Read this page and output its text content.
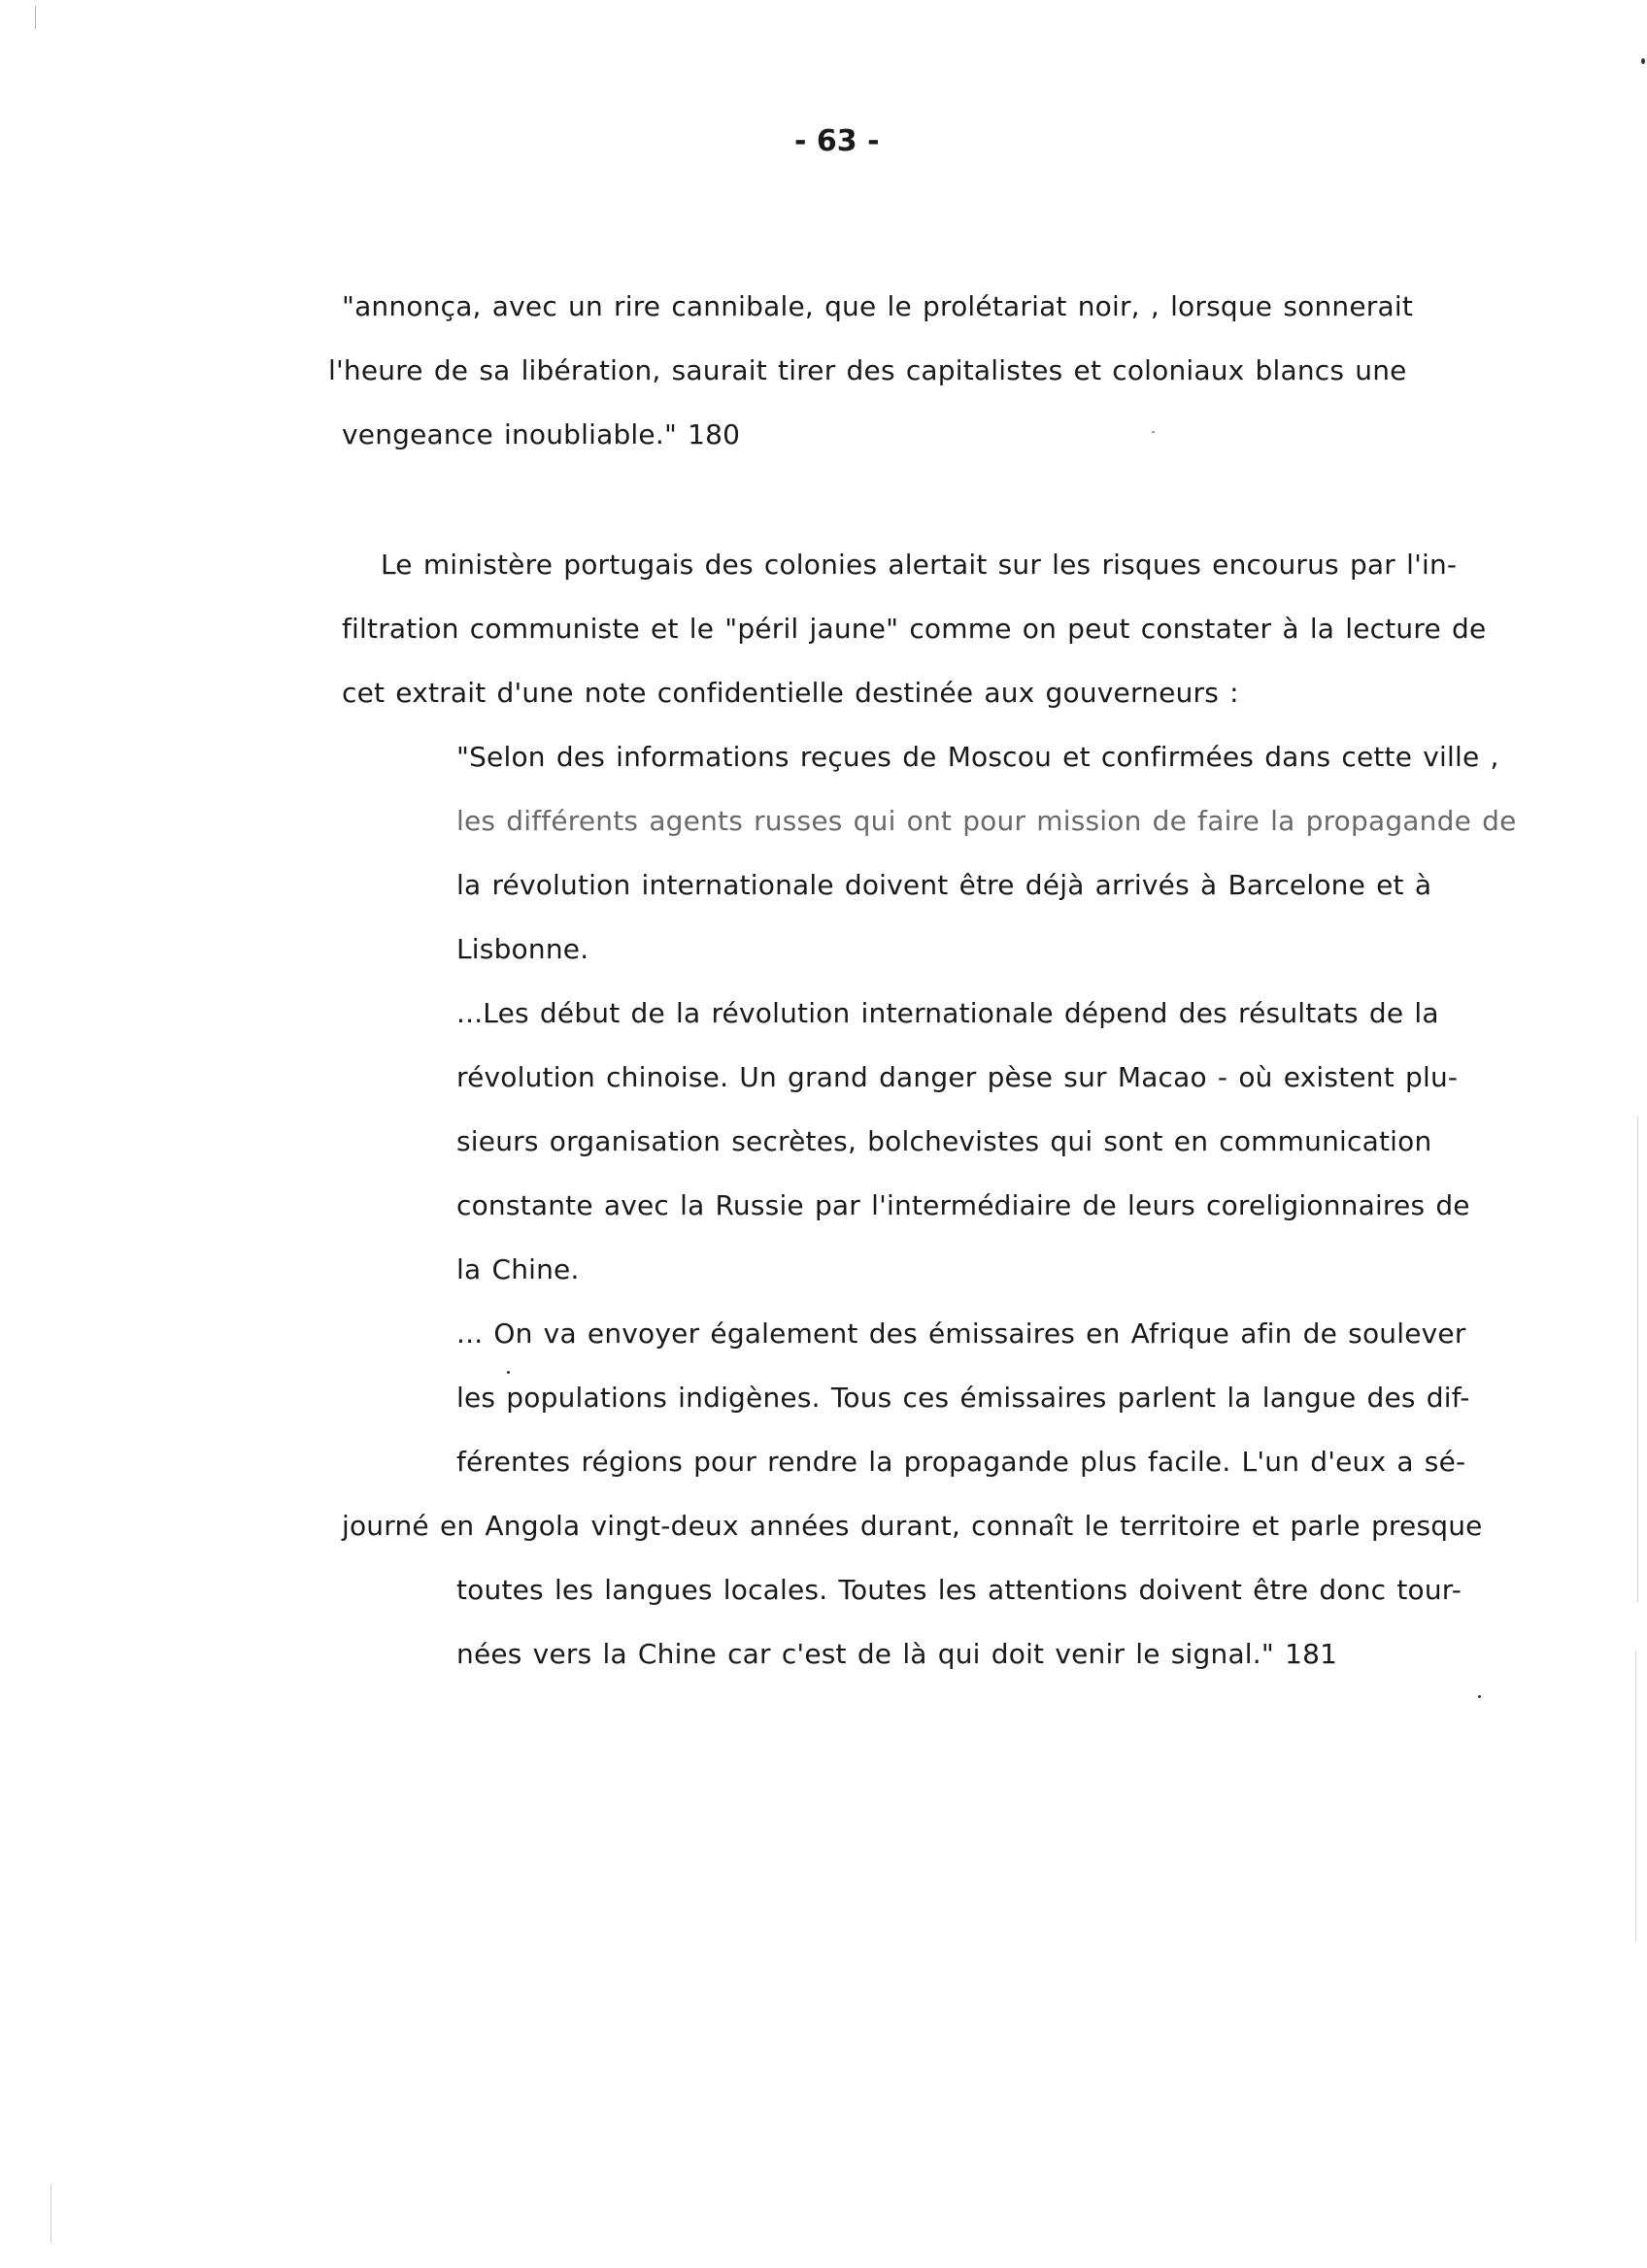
- 63 -
"annonça, avec un rire cannibale, que le prolétariat noir, , lorsque sonnerait
l'heure de sa libération, saurait tirer des capitalistes et coloniaux blancs une
vengeance inoubliable." 180
Le ministère portugais des colonies alertait sur les risques encourus par l'in-
filtration communiste et le "péril jaune" comme on peut constater à la lecture de
cet extrait d'une note confidentielle destinée aux gouverneurs :
"Selon des informations reçues de Moscou et confirmées dans cette ville ,
les différents agents russes qui ont pour mission de faire la propagande de
la révolution internationale doivent être déjà arrivés à Barcelone et à
Lisbonne.
...Les début de la révolution internationale dépend des résultats de la
révolution chinoise. Un grand danger pèse sur Macao - où existent plu-
sieurs organisation secrètes, bolchevistes qui sont en communication
constante avec la Russie par l'intermédiaire de leurs coreligionnaires de
la Chine.
... On va envoyer également des émissaires en Afrique afin de soulever
les populations indigènes. Tous ces émissaires parlent la langue des dif-
férentes régions pour rendre la propagande plus facile. L'un d'eux a sé-
journé en Angola vingt-deux années durant, connaît le territoire et parle presque
toutes les langues locales. Toutes les attentions doivent être donc tour-
nées vers la Chine car c'est de là qui doit venir le signal." 181
